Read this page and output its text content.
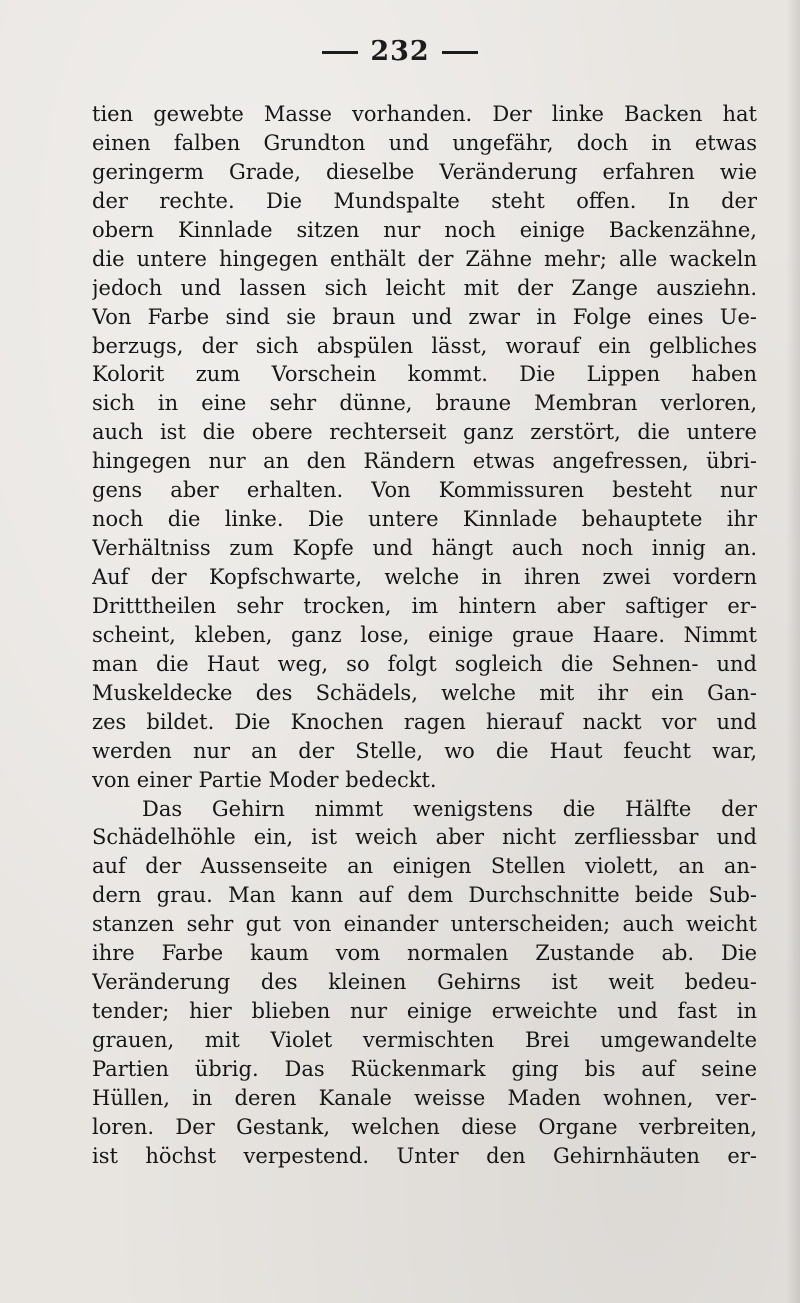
232
tien gewebte Masse vorhanden. Der linke Backen hat
einen falben Grundton und ungefähr, doch in etwas
geringerm Grade, dieselbe Veränderung erfahren wie
der rechte. Die Mundspalte steht offen. In der
obern Kinnlade sitzen nur noch einige Backenzähne,
die untere hingegen enthält der Zähne mehr; alle wackeln
jedoch und lassen sich leicht mit der Zange ausziehn.
Von Farbe sind sie braun und zwar in Folge eines Ue-
berzugs, der sich abspülen lässt, worauf ein gelbliches
Kolorit zum Vorschein kommt. Die Lippen haben
sich in eine sehr dünne, braune Membran verloren,
auch ist die obere rechterseit ganz zerstört, die untere
hingegen nur an den Rändern etwas angefressen, übri-
gens aber erhalten. Von Kommissuren besteht nur
noch die linke. Die untere Kinnlade behauptete ihr
Verhältniss zum Kopfe und hängt auch noch innig an.
Auf der Kopfschwarte, welche in ihren zwei vordern
Dritttheilen sehr trocken, im hintern aber saftiger er-
scheint, kleben, ganz lose, einige graue Haare. Nimmt
man die Haut weg, so folgt sogleich die Sehnen- und
Muskeldecke des Schädels, welche mit ihr ein Gan-
zes bildet. Die Knochen ragen hierauf nackt vor und
werden nur an der Stelle, wo die Haut feucht war,
von einer Partie Moder bedeckt.
Das Gehirn nimmt wenigstens die Hälfte der
Schädelhöhle ein, ist weich aber nicht zerfliessbar und
auf der Aussenseite an einigen Stellen violett, an an-
dern grau. Man kann auf dem Durchschnitte beide Sub-
stanzen sehr gut von einander unterscheiden; auch weicht
ihre Farbe kaum vom normalen Zustande ab. Die
Veränderung des kleinen Gehirns ist weit bedeu-
tender; hier blieben nur einige erweichte und fast in
grauen, mit Violet vermischten Brei umgewandelte
Partien übrig. Das Rückenmark ging bis auf seine
Hüllen, in deren Kanale weisse Maden wohnen, ver-
loren. Der Gestank, welchen diese Organe verbreiten,
ist höchst verpestend. Unter den Gehirnhäuten er-
